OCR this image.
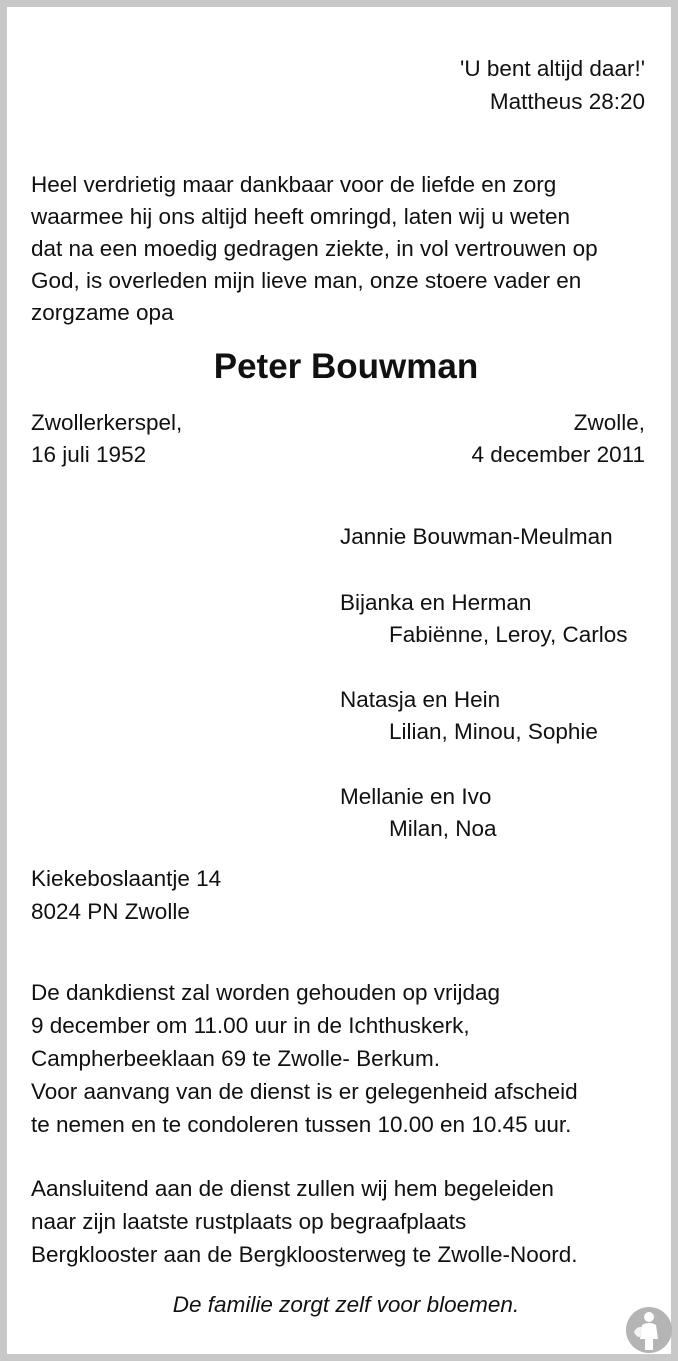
'U bent altijd daar!'
Mattheus 28:20
Heel verdrietig maar dankbaar voor de liefde en zorg
waarmee hij ons altijd heeft omringd, laten wij u weten
dat na een moedig gedragen ziekte, in vol vertrouwen op
God, is overleden mijn lieve man, onze stoere vader en
zorgzame opa
Peter Bouwman
Zwollerkerspel,
16 juli 1952
Zwolle,
4 december 2011
Jannie Bouwman-Meulman
Bijanka en Herman
Fabiënne, Leroy, Carlos
Natasja en Hein
Lilian, Minou, Sophie
Mellanie en Ivo
Milan, Noa
Kiekeboslaantje 14
8024 PN Zwolle
De dankdienst zal worden gehouden op vrijdag
9 december om 11.00 uur in de Ichthuskerk,
Campherbeeklaan 69 te Zwolle- Berkum.
Voor aanvang van de dienst is er gelegenheid afscheid
te nemen en te condoleren tussen 10.00 en 10.45 uur.
Aansluitend aan de dienst zullen wij hem begeleiden
naar zijn laatste rustplaats op begraafplaats
Bergklooster aan de Bergkloosterweg te Zwolle-Noord.
De familie zorgt zelf voor bloemen.
